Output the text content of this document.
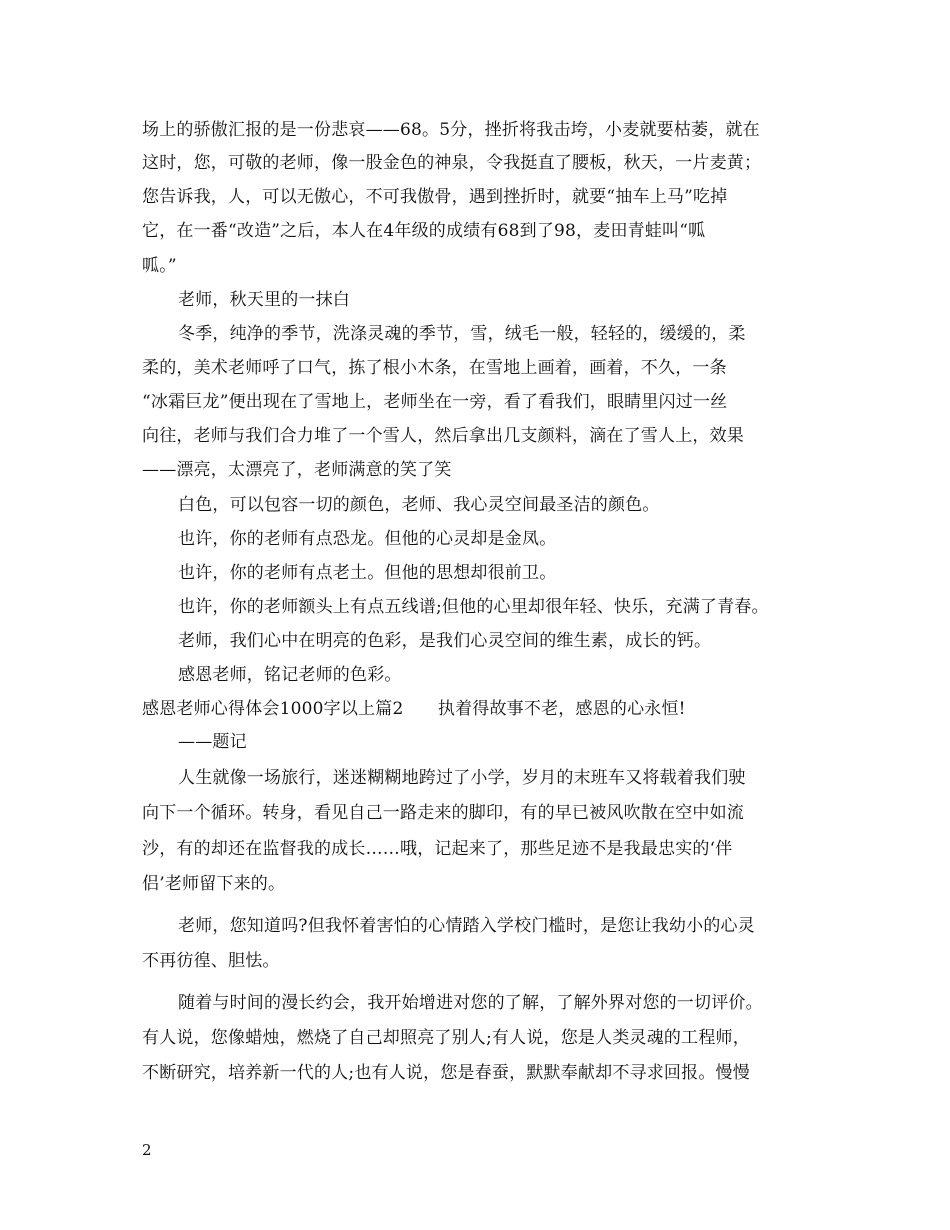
场上的骄傲汇报的是一份悲哀——68。5分，挫折将我击垮，小麦就要枯萎，就在
这时，您，可敬的老师，像一股金色的神泉，令我挺直了腰板，秋天，一片麦黄；
您告诉我，人，可以无傲心，不可我傲骨，遇到挫折时，就要“抽车上马”吃掉
它，在一番“改造”之后，本人在4年级的成绩有68到了98，麦田青蛙叫“呱
呱。”
老师，秋天里的一抹白
冬季，纯净的季节，洗涤灵魂的季节，雪，绒毛一般，轻轻的，缓缓的，柔
柔的，美术老师呼了口气，拣了根小木条，在雪地上画着，画着，不久，一条
“冰霜巨龙”便出现在了雪地上，老师坐在一旁，看了看我们，眼睛里闪过一丝
向往，老师与我们合力堆了一个雪人，然后拿出几支颜料，滴在了雪人上，效果
——漂亮，太漂亮了，老师满意的笑了笑
白色，可以包容一切的颜色，老师、我心灵空间最圣洁的颜色。
也许，你的老师有点恐龙。但他的心灵却是金凤。
也许，你的老师有点老土。但他的思想却很前卫。
也许，你的老师额头上有点五线谱;但他的心里却很年轻、快乐，充满了青春。
老师，我们心中在明亮的色彩，是我们心灵空间的维生素，成长的钙。
感恩老师，铭记老师的色彩。
感恩老师心得体会1000字以上篇2　　执着得故事不老，感恩的心永恒!
——题记
人生就像一场旅行，迷迷糊糊地跨过了小学，岁月的末班车又将载着我们驶
向下一个循环。转身，看见自己一路走来的脚印，有的早已被风吹散在空中如流
沙，有的却还在监督我的成长……哦，记起来了，那些足迹不是我最忠实的‘伴
侣’老师留下来的。
老师，您知道吗?但我怀着害怕的心情踏入学校门槛时，是您让我幼小的心灵
不再彷徨、胆怯。
随着与时间的漫长约会，我开始增进对您的了解，了解外界对您的一切评价。
有人说，您像蜡烛，燃烧了自己却照亮了别人;有人说，您是人类灵魂的工程师，
不断研究，培养新一代的人;也有人说，您是春蚕，默默奉献却不寻求回报。慢慢
2
